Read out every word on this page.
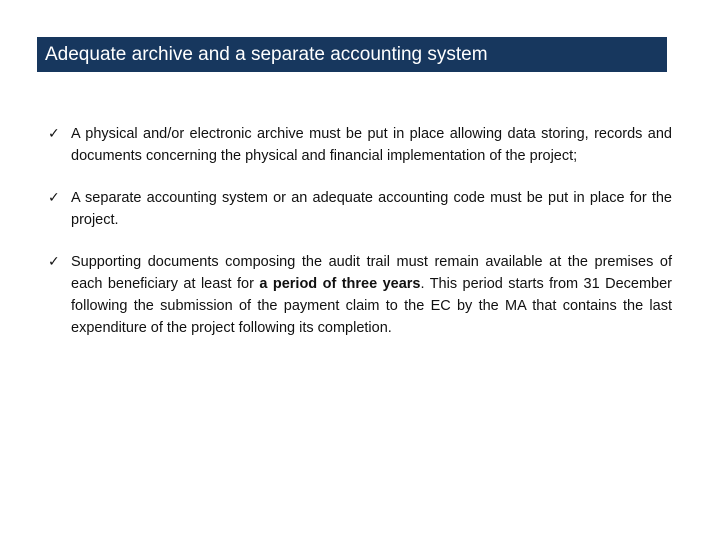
Adequate archive and a separate accounting system
✓ A physical and/or electronic archive must be put in place allowing data storing, records and documents concerning the physical and financial implementation of the project;
✓ A separate accounting system or an adequate accounting code must be put in place for the project.
✓ Supporting documents composing the audit trail must remain available at the premises of each beneficiary at least for a period of three years. This period starts from 31 December following the submission of the payment claim to the EC by the MA that contains the last expenditure of the project following its completion.
